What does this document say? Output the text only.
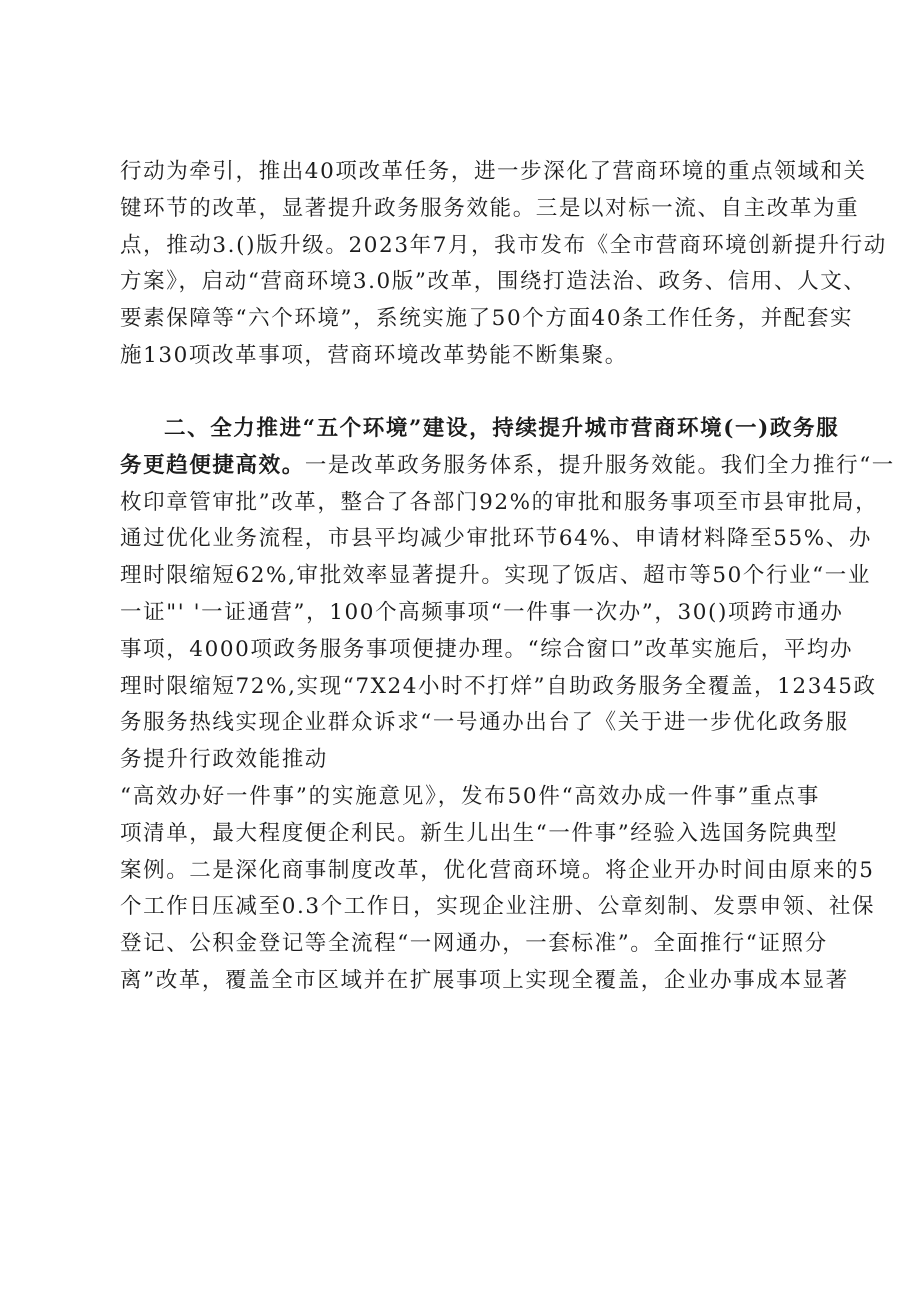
行动为牵引，推出40项改革任务，进一步深化了营商环境的重点领域和关
键环节的改革，显著提升政务服务效能。三是以对标一流、自主改革为重
点，推动3.()版升级。2023年7月，我市发布《全市营商环境创新提升行动
方案》，启动“营商环境3.0版”改革，围绕打造法治、政务、信用、人文、
要素保障等“六个环境”，系统实施了50个方面40条工作任务，并配套实
施130项改革事项，营商环境改革势能不断集聚。
二、全力推进“五个环境”建设，持续提升城市营商环境(一)政务服
务更趋便捷高效。一是改革政务服务体系，提升服务效能。我们全力推行“一
枚印章管审批”改革，整合了各部门92%的审批和服务事项至市县审批局，
通过优化业务流程，市县平均减少审批环节64%、申请材料降至55%、办
理时限缩短62%,审批效率显著提升。实现了饭店、超市等50个行业“一业
一证"' '一证通营”，100个高频事项“一件事一次办”，30()项跨市通办
事项，4000项政务服务事项便捷办理。“综合窗口”改革实施后，平均办
理时限缩短72%,实现“7X24小时不打烊”自助政务服务全覆盖，12345政
务服务热线实现企业群众诉求“一号通办出台了《关于进一步优化政务服
务提升行政效能推动
“高效办好一件事”的实施意见》，发布50件“高效办成一件事”重点事
项清单，最大程度便企利民。新生儿出生“一件事”经验入选国务院典型
案例。二是深化商事制度改革，优化营商环境。将企业开办时间由原来的5
个工作日压减至0.3个工作日，实现企业注册、公章刻制、发票申领、社保
登记、公积金登记等全流程“一网通办，一套标准”。全面推行“证照分
离”改革，覆盖全市区域并在扩展事项上实现全覆盖，企业办事成本显著
